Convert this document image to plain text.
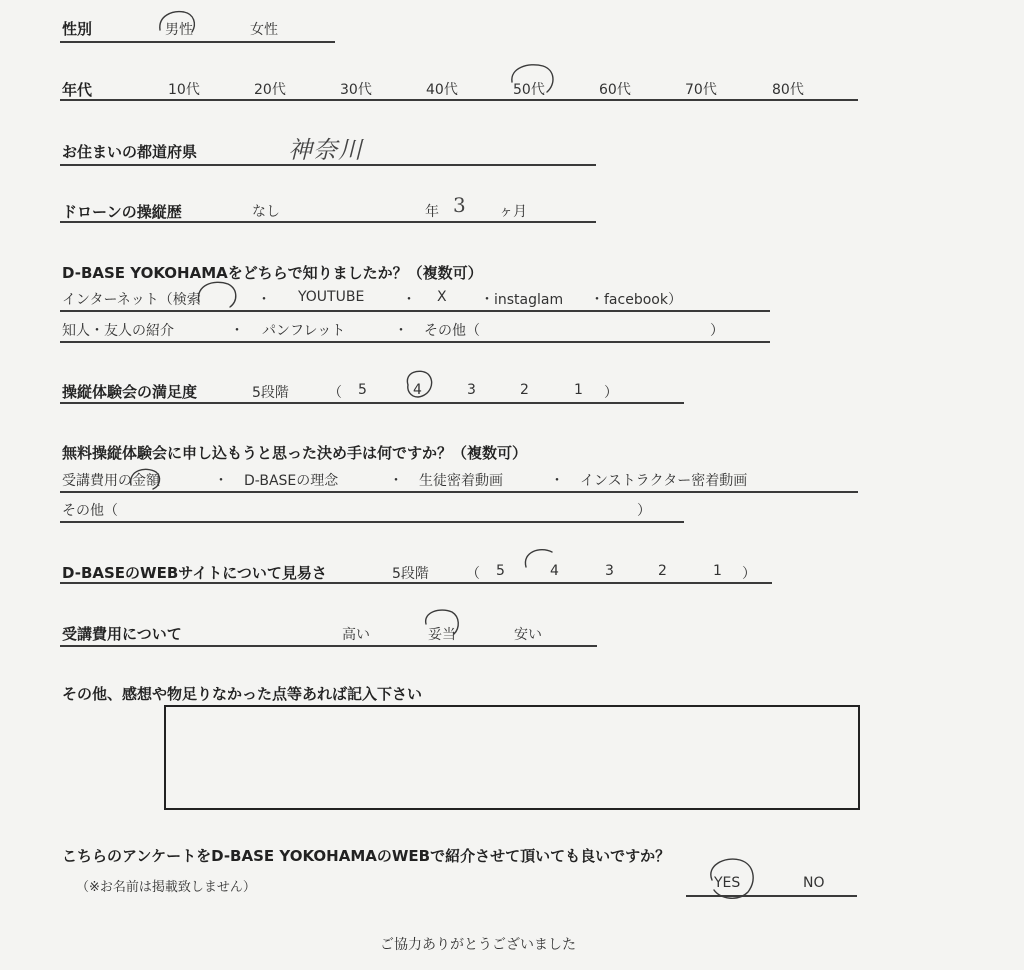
性別	男性	女性
年代	10代	20代	30代	40代	50代	60代	70代	80代
お住まいの都道府県	神奈川
ドローンの操縦歴	なし	年 3 ヶ月
D-BASE YOKOHAMAをどちらで知りましたか？（複数可）
インターネット（検索	・ YOUTUBE	・ X ・instaglam ・facebook）
知人・友人の紹介	・ パンフレット	・ その他（	）
操縦体験会の満足度	5段階	（ 5	4	3	2	1 ）
無料操縦体験会に申し込もうと思った決め手は何ですか？（複数可）
受講費用の金額	・ D-BASEの理念	・ 生徒密着動画	・ インストラクター密着動画
その他（	）
D-BASEのWEBサイトについて見易さ	5段階	（ 5	4	3	2	1 ）
受講費用について	高い	妥当	安い
その他、感想や物足りなかった点等あれば記入下さい
こちらのアンケートをD-BASE YOKOHAMAのWEBで紹介させて頂いても良いですか？
（※お名前は掲載致しません）	YES	NO
ご協力ありがとうございました
